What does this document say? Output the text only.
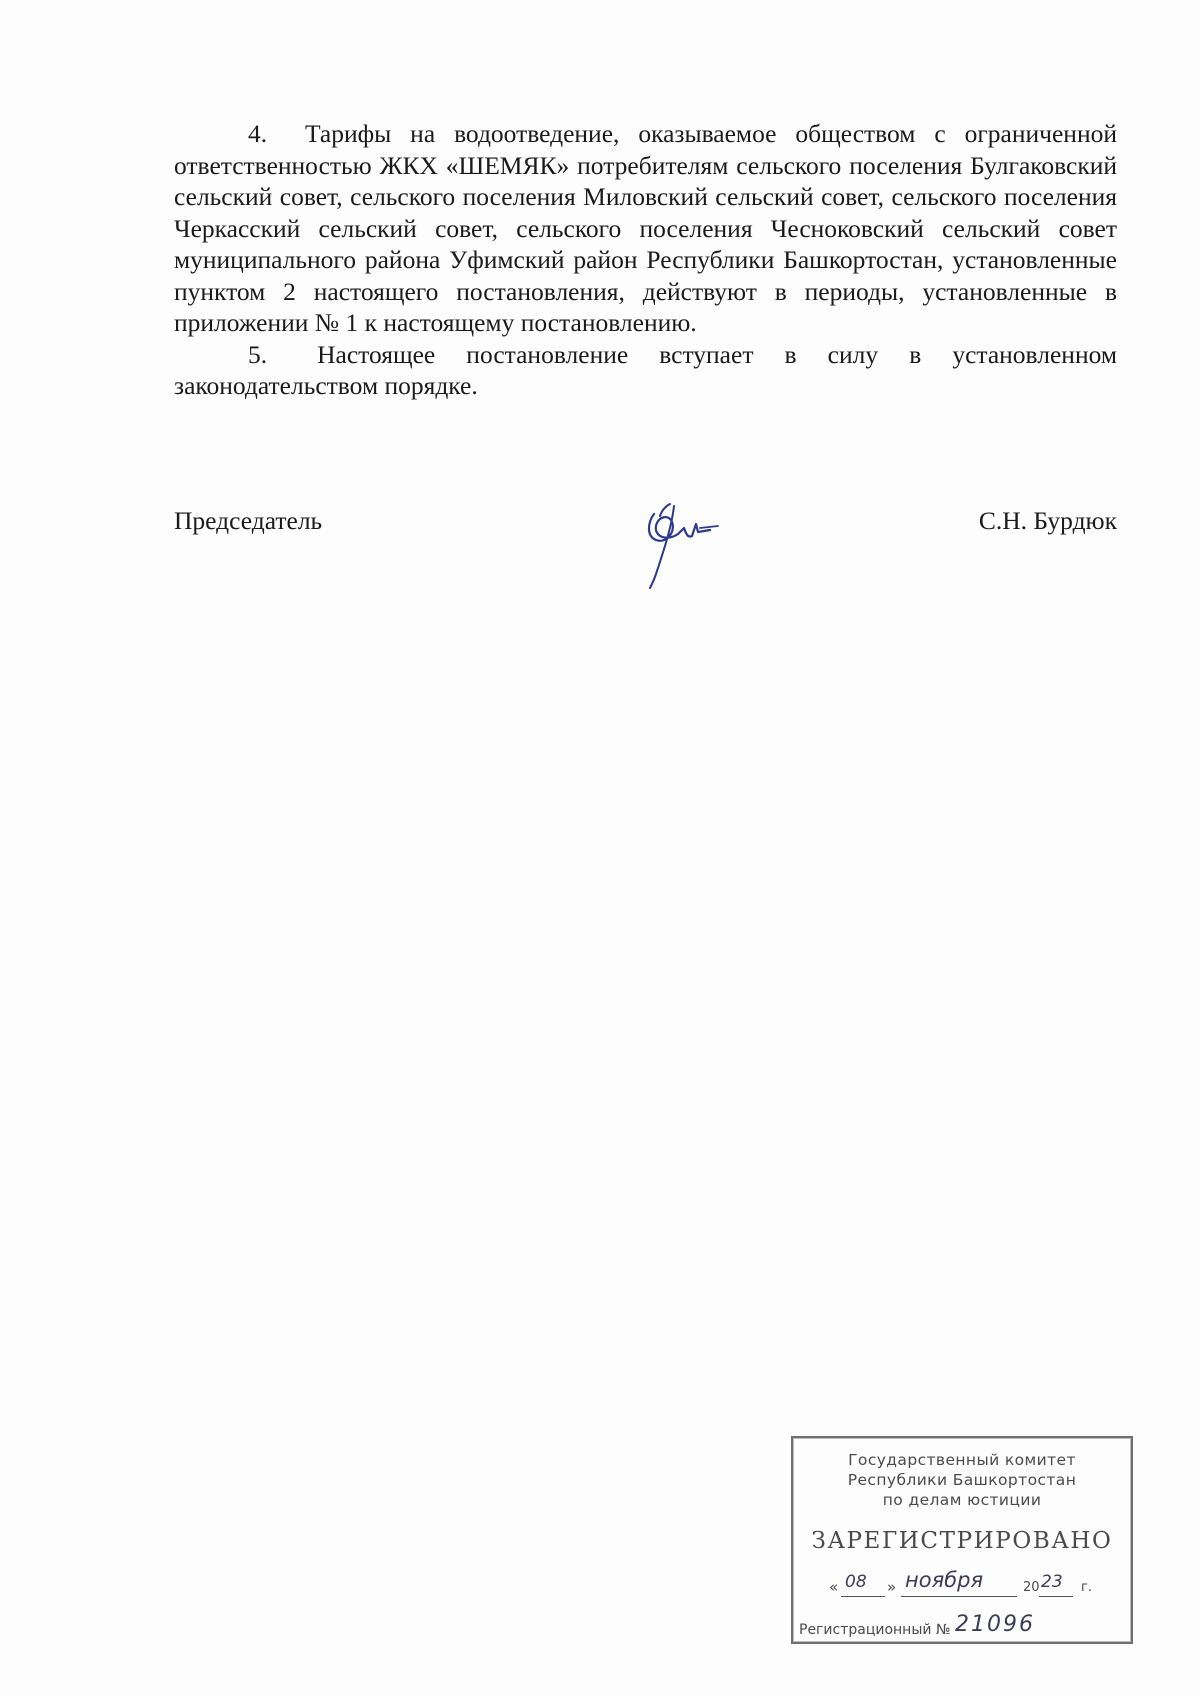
4. Тарифы на водоотведение, оказываемое обществом с ограниченной ответственностью ЖКХ «ШЕМЯК» потребителям сельского поселения Булгаковский сельский совет, сельского поселения Миловский сельский совет, сельского поселения Черкасский сельский совет, сельского поселения Чесноковский сельский совет муниципального района Уфимский район Республики Башкортостан, установленные пунктом 2 настоящего постановления, действуют в периоды, установленные в приложении № 1 к настоящему постановлению.

5. Настоящее постановление вступает в силу в установленном законодательством порядке.

Председатель	С.Н. Бурдюк
Государственный комитет
Республики Башкортостан
по делам юстиции
ЗАРЕГИСТРИРОВАНО
« 08 » ноября	20 23 г.
Регистрационный № 21096
